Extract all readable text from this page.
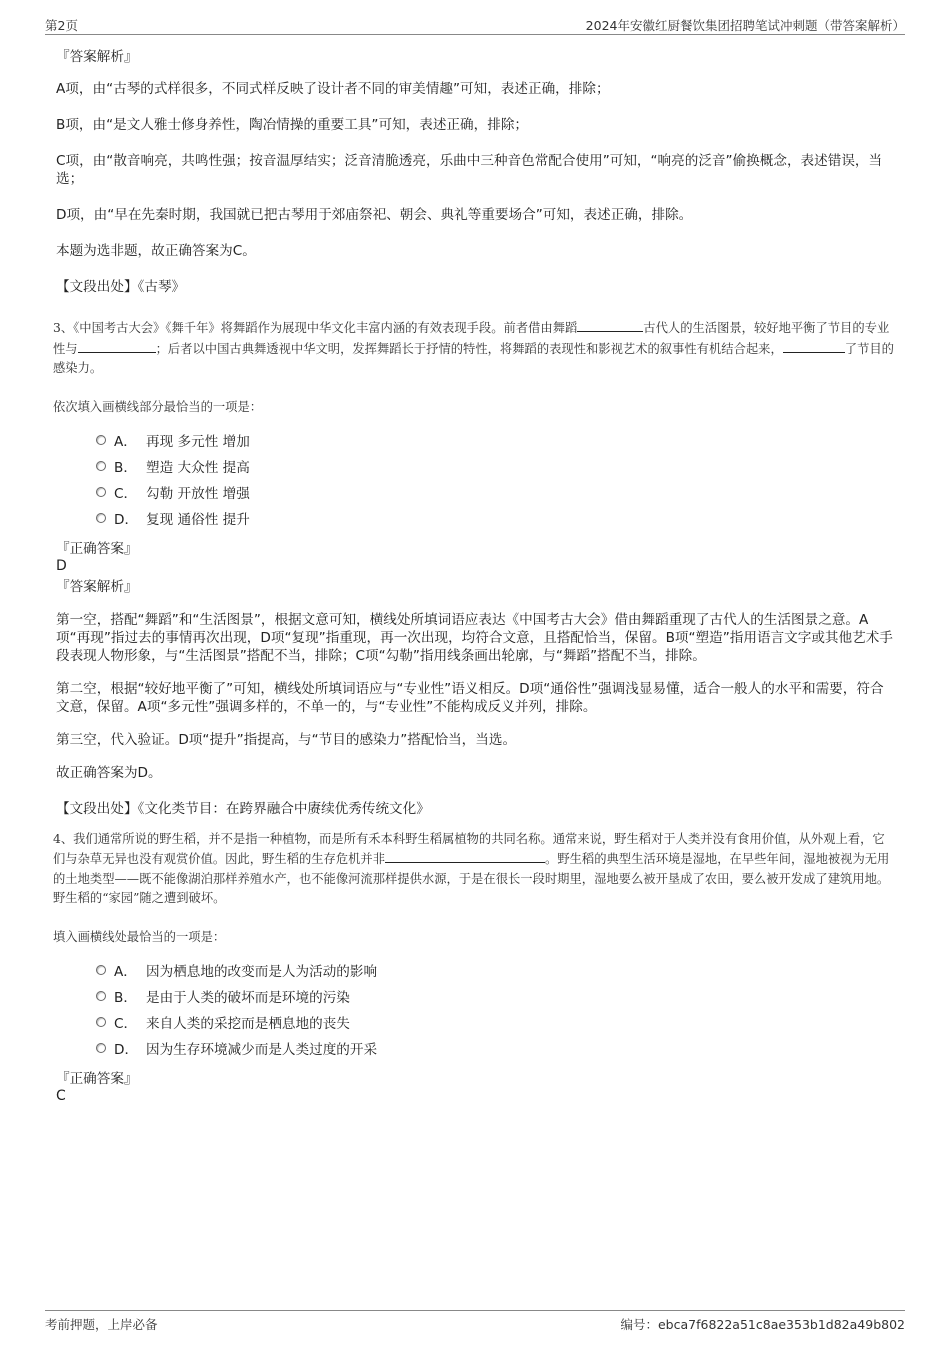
第2页	2024年安徽红厨餐饮集团招聘笔试冲刺题（带答案解析）
『答案解析』

A项，由“古琴的式样很多，不同式样反映了设计者不同的审美情趣”可知，表述正确，排除；

B项，由“是文人雅士修身养性，陶冶情操的重要工具”可知，表述正确，排除；

C项，由“散音响亮，共鸣性强；按音温厚结实；泛音清脆透亮，乐曲中三种音色常配合使用”可知，“响亮的泛音”偷换概念，表述错误，当选；

D项，由“早在先秦时期，我国就已把古琴用于郊庙祭祀、朝会、典礼等重要场合”可知，表述正确，排除。

本题为选非题，故正确答案为C。

【文段出处】《古琴》

3、《中国考古大会》《舞千年》将舞蹈作为展现中华文化丰富内涵的有效表现手段。前者借由舞蹈	古代人的生活图景，较好地平衡了节目的专业性与	；后者以中国古典舞透视中华文明，发挥舞蹈长于抒情的特性，将舞蹈的表现性和影视艺术的叙事性有机结合起来，	了节目的感染力。

依次填入画横线部分最恰当的一项是：

A． 再现 多元性 增加
B． 塑造 大众性 提高
C． 勾勒 开放性 增强
D． 复现 通俗性 提升
『正确答案』
D
『答案解析』

第一空，搭配“舞蹈”和“生活图景”，根据文意可知，横线处所填词语应表达《中国考古大会》借由舞蹈重现了古代人的生活图景之意。A项“再现”指过去的事情再次出现，D项“复现”指重现，再一次出现，均符合文意，且搭配恰当，保留。B项“塑造”指用语言文字或其他艺术手段表现人物形象，与“生活图景”搭配不当，排除；C项“勾勒”指用线条画出轮廓，与“舞蹈”搭配不当，排除。

第二空，根据“较好地平衡了”可知，横线处所填词语应与“专业性”语义相反。D项“通俗性”强调浅显易懂，适合一般人的水平和需要，符合文意，保留。A项“多元性”强调多样的，不单一的，与“专业性”不能构成反义并列，排除。

第三空，代入验证。D项“提升”指提高，与“节目的感染力”搭配恰当，当选。

故正确答案为D。

【文段出处】《文化类节目：在跨界融合中赓续优秀传统文化》

4、我们通常所说的野生稻，并不是指一种植物，而是所有禾本科野生稻属植物的共同名称。通常来说，野生稻对于人类并没有食用价值，从外观上看，它们与杂草无异也没有观赏价值。因此，野生稻的生存危机并非	。野生稻的典型生活环境是湿地，在早些年间，湿地被视为无用的土地类型——既不能像湖泊那样养殖水产，也不能像河流那样提供水源，于是在很长一段时期里，湿地要么被开垦成了农田，要么被开发成了建筑用地。野生稻的“家园”随之遭到破坏。

填入画横线处最恰当的一项是：

A． 因为栖息地的改变而是人为活动的影响
B． 是由于人类的破坏而是环境的污染
C． 来自人类的采挖而是栖息地的丧失
D． 因为生存环境减少而是人类过度的开采
『正确答案』
C
考前押题，上岸必备	编号：ebca7f6822a51c8ae353b1d82a49b802
